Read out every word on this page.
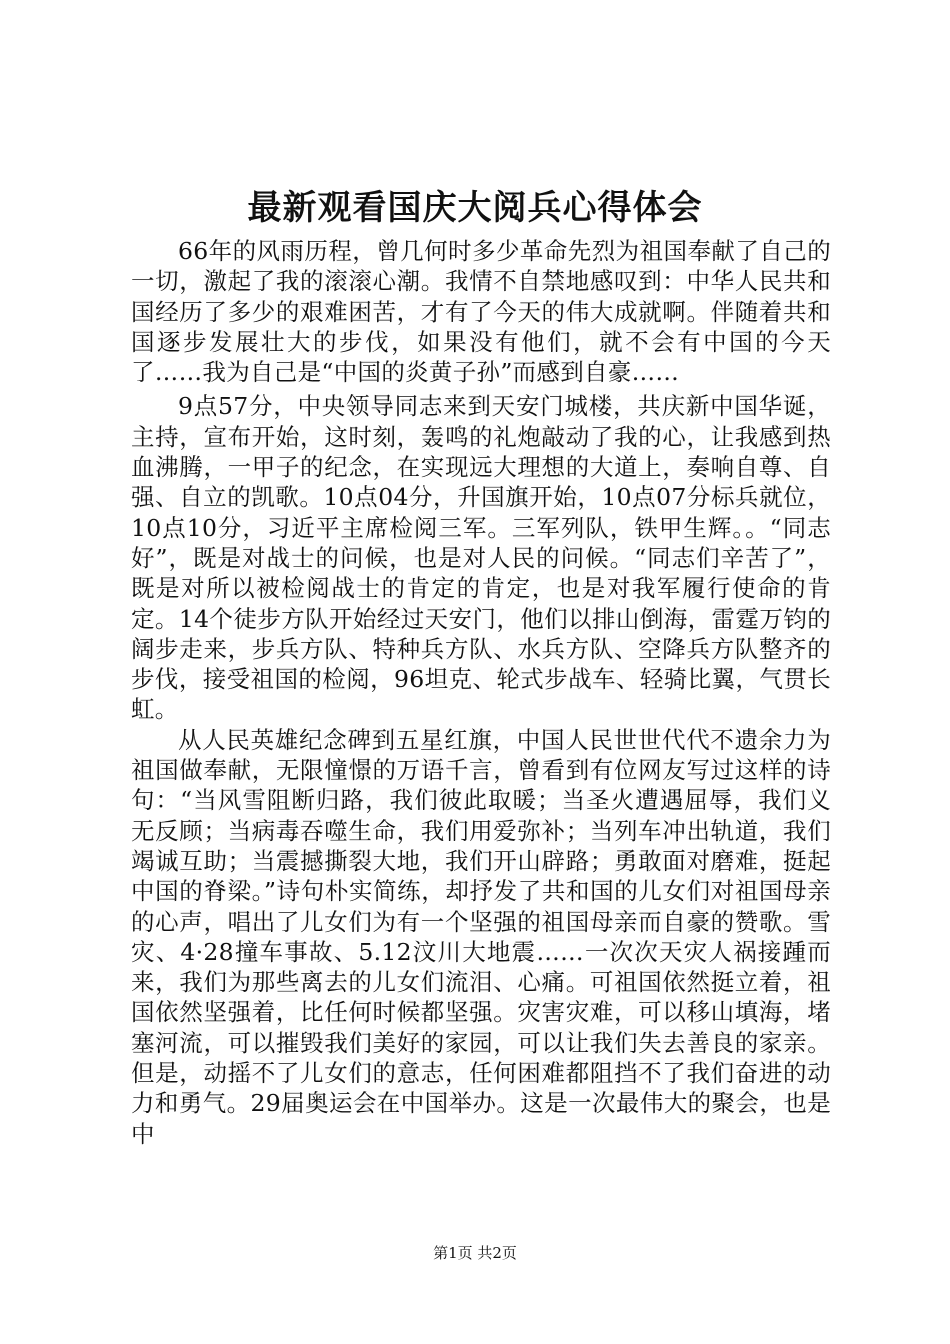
最新观看国庆大阅兵心得体会

66年的风雨历程，曾几何时多少革命先烈为祖国奉献了自己的一切，激起了我的滚滚心潮。我情不自禁地感叹到：中华人民共和国经历了多少的艰难困苦，才有了今天的伟大成就啊。伴随着共和国逐步发展壮大的步伐，如果没有他们，就不会有中国的今天了……我为自己是“中国的炎黄子孙”而感到自豪……

9点57分，中央领导同志来到天安门城楼，共庆新中国华诞，主持，宣布开始，这时刻，轰鸣的礼炮敲动了我的心，让我感到热血沸腾，一甲子的纪念，在实现远大理想的大道上，奏响自尊、自强、自立的凯歌。10点04分，升国旗开始，10点07分标兵就位，10点10分，习近平主席检阅三军。三军列队，铁甲生辉。。“同志好”，既是对战士的问候，也是对人民的问候。“同志们辛苦了”，既是对所以被检阅战士的肯定的肯定，也是对我军履行使命的肯定。14个徒步方队开始经过天安门，他们以排山倒海，雷霆万钧的阔步走来，步兵方队、特种兵方队、水兵方队、空降兵方队整齐的步伐，接受祖国的检阅，96坦克、轮式步战车、轻骑比翼，气贯长虹。

从人民英雄纪念碑到五星红旗，中国人民世世代代不遗余力为祖国做奉献，无限憧憬的万语千言，曾看到有位网友写过这样的诗句：“当风雪阻断归路，我们彼此取暖；当圣火遭遇屈辱，我们义无反顾；当病毒吞噬生命，我们用爱弥补；当列车冲出轨道，我们竭诚互助；当震撼撕裂大地，我们开山辟路；勇敢面对磨难，挺起中国的脊梁。”诗句朴实简练，却抒发了共和国的儿女们对祖国母亲的心声，唱出了儿女们为有一个坚强的祖国母亲而自豪的赞歌。雪灾、4·28撞车事故、5.12汶川大地震……一次次天灾人祸接踵而来，我们为那些离去的儿女们流泪、心痛。可祖国依然挺立着，祖国依然坚强着，比任何时候都坚强。灾害灾难，可以移山填海，堵塞河流，可以摧毁我们美好的家园，可以让我们失去善良的家亲。但是，动摇不了儿女们的意志，任何困难都阻挡不了我们奋进的动力和勇气。29届奥运会在中国举办。这是一次最伟大的聚会，也是中

第1页 共2页
